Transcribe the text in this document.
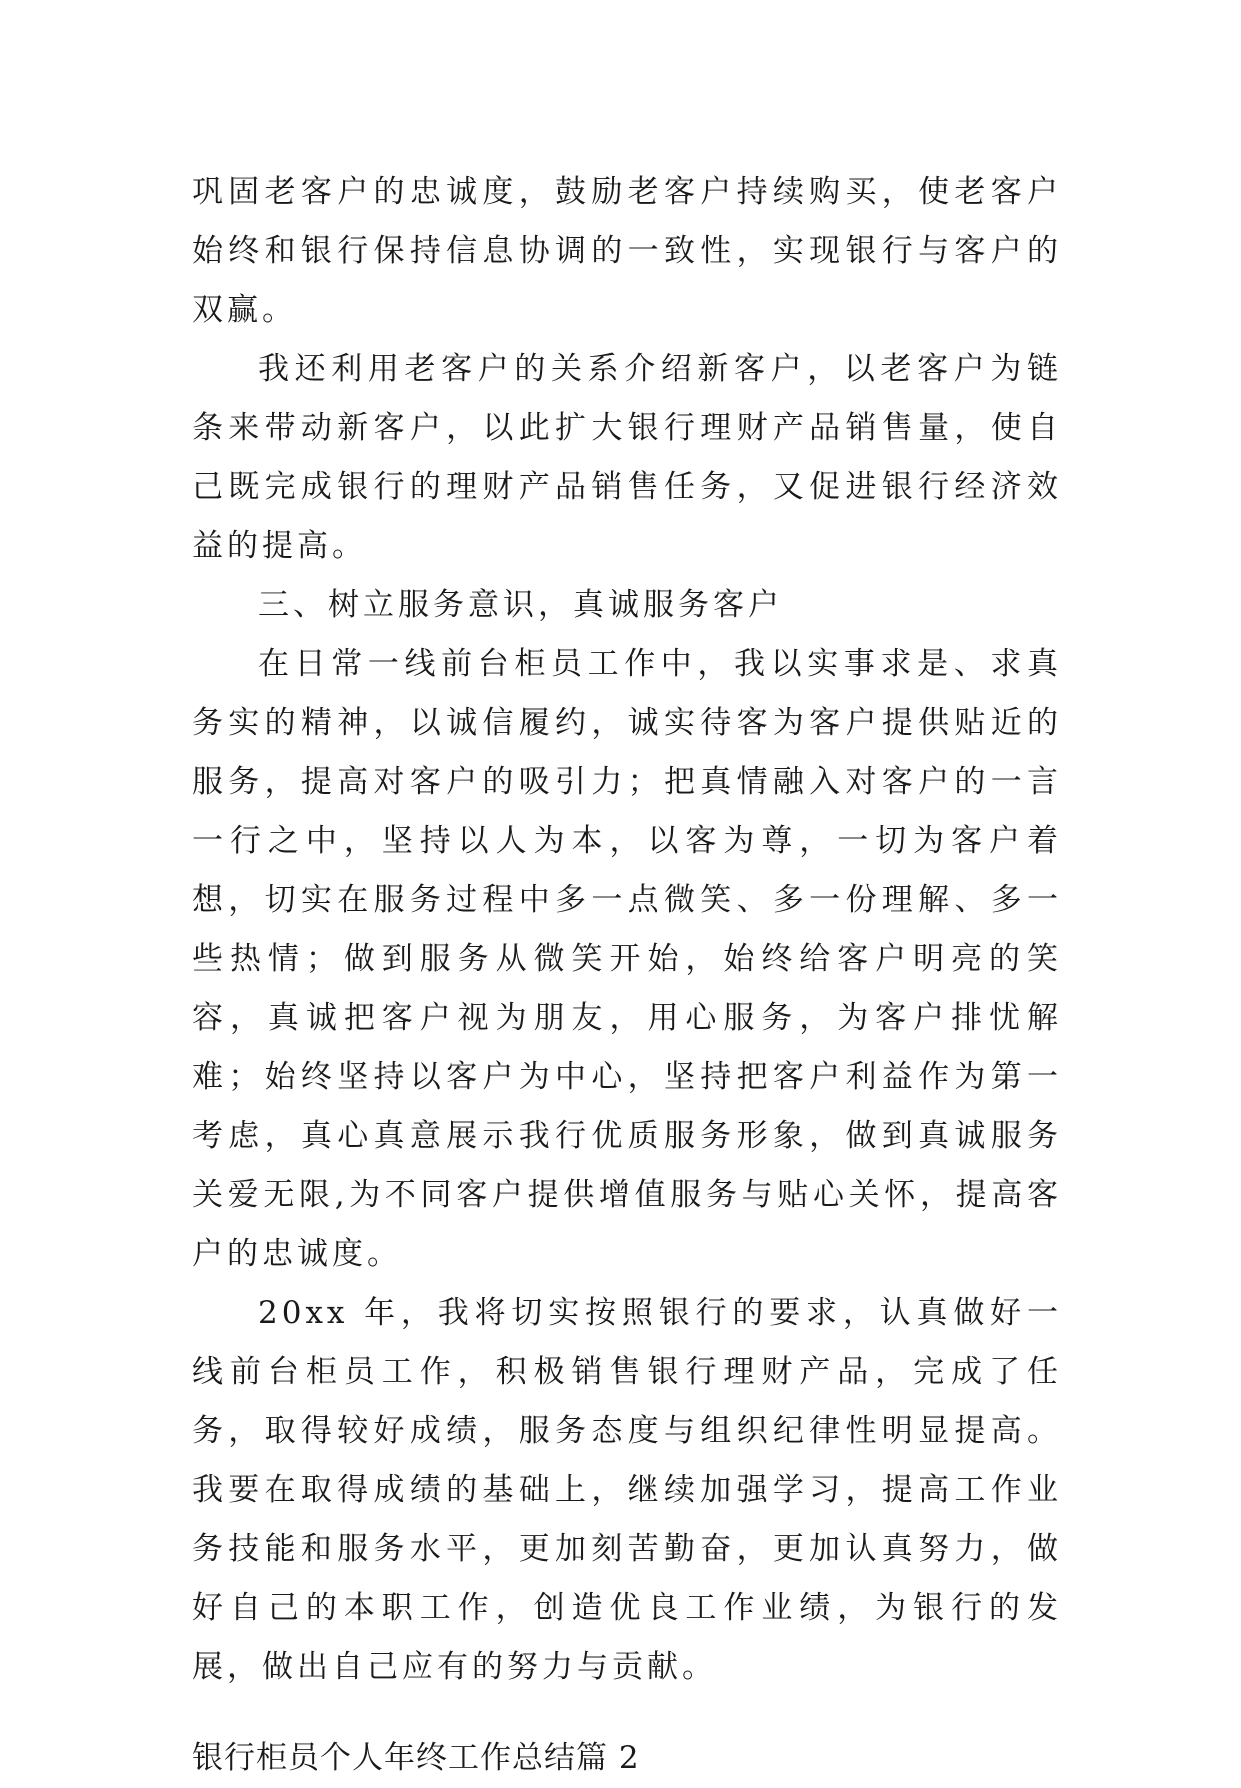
巩固老客户的忠诚度，鼓励老客户持续购买，使老客户始终和银行保持信息协调的一致性，实现银行与客户的双赢。

我还利用老客户的关系介绍新客户，以老客户为链条来带动新客户，以此扩大银行理财产品销售量，使自己既完成银行的理财产品销售任务，又促进银行经济效益的提高。

三、树立服务意识，真诚服务客户

在日常一线前台柜员工作中，我以实事求是、求真务实的精神，以诚信履约，诚实待客为客户提供贴近的服务，提高对客户的吸引力；把真情融入对客户的一言一行之中，坚持以人为本，以客为尊，一切为客户着想，切实在服务过程中多一点微笑、多一份理解、多一些热情；做到服务从微笑开始，始终给客户明亮的笑容，真诚把客户视为朋友，用心服务，为客户排忧解难；始终坚持以客户为中心，坚持把客户利益作为第一考虑，真心真意展示我行优质服务形象，做到真诚服务关爱无限,为不同客户提供增值服务与贴心关怀，提高客户的忠诚度。

20xx 年，我将切实按照银行的要求，认真做好一线前台柜员工作，积极销售银行理财产品，完成了任务，取得较好成绩，服务态度与组织纪律性明显提高。我要在取得成绩的基础上，继续加强学习，提高工作业务技能和服务水平，更加刻苦勤奋，更加认真努力，做好自己的本职工作，创造优良工作业绩，为银行的发展，做出自己应有的努力与贡献。

银行柜员个人年终工作总结篇 2
